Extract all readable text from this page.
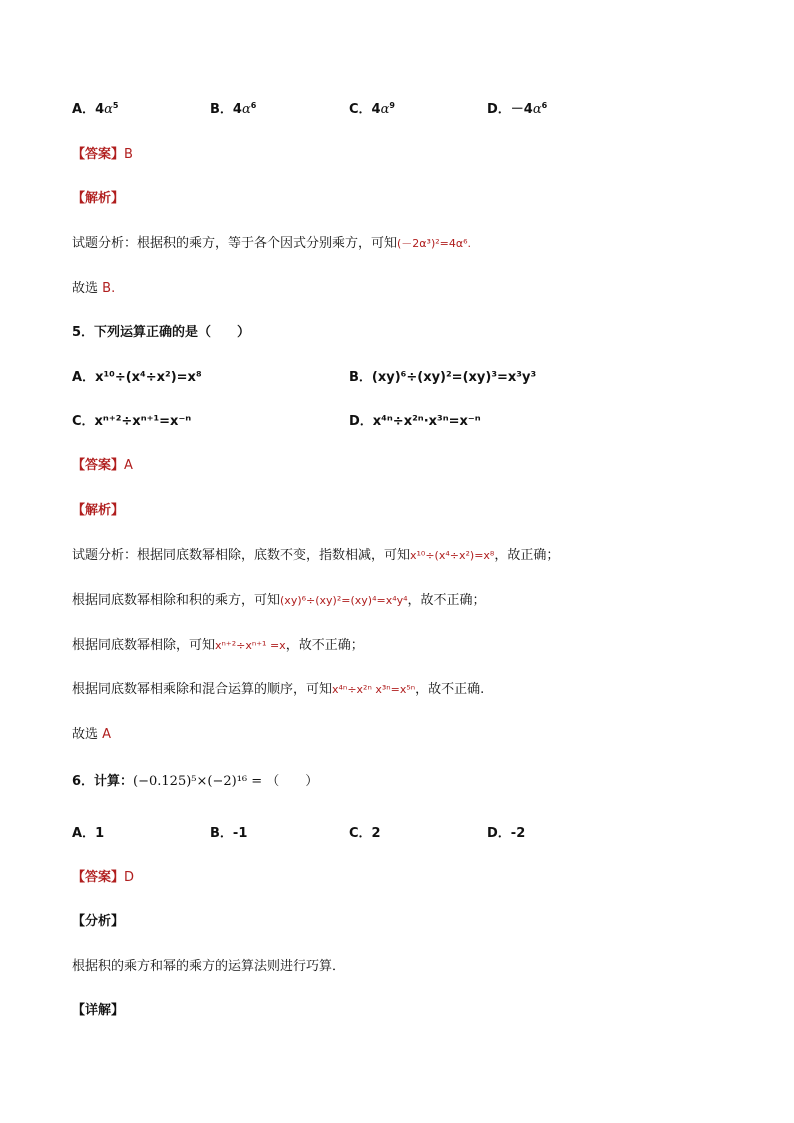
A．$4\alpha^5$	B．$4\alpha^6$	C．$4\alpha^9$	D．$-4\alpha^6$
【答案】B
【解析】
试题分析：根据积的乘方，等于各个因式分别乘方，可知(－2α³)²=4α⁶.
故选 B.
5．下列运算正确的是（　　）
A．x¹⁰÷(x⁴÷x²)=x⁸	B．(xy)⁶÷(xy)²=(xy)³=x³y³
C．xⁿ⁺²÷xⁿ⁺¹=x⁻ⁿ	D．x⁴ⁿ÷x²ⁿ·x³ⁿ=x⁻ⁿ
【答案】A
【解析】
试题分析：根据同底数幂相除，底数不变，指数相减，可知x¹⁰÷(x⁴÷x²)=x⁸，故正确；
根据同底数幂相除和积的乘方，可知(xy)⁶÷(xy)²=(xy)⁴=x⁴y⁴，故不正确；
根据同底数幂相除，可知xⁿ⁺²÷xⁿ⁺¹ =x，故不正确；
根据同底数幂相乘除和混合运算的顺序，可知x⁴ⁿ÷x²ⁿ x³ⁿ=x⁵ⁿ，故不正确.
故选 A
6．计算：(−0.125)⁵×(−2)¹⁶ = （　　）
A．1	B．-1	C．2	D．-2
【答案】D
【分析】
根据积的乘方和幂的乘方的运算法则进行巧算．
【详解】
